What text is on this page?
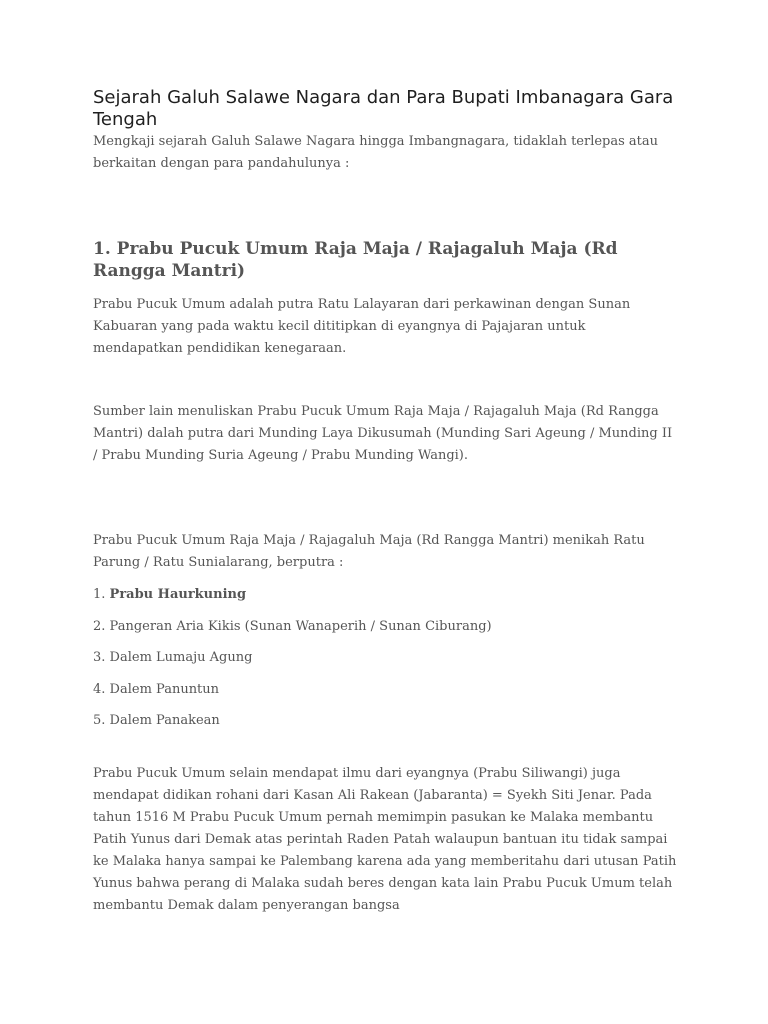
Sejarah Galuh Salawe Nagara dan Para Bupati Imbanagara Gara Tengah

Mengkaji sejarah Galuh Salawe Nagara hingga Imbangnagara, tidaklah terlepas atau berkaitan dengan para pandahulunya :

1. Prabu Pucuk Umum Raja Maja / Rajagaluh Maja (Rd Rangga Mantri)

Prabu Pucuk Umum adalah putra Ratu Lalayaran dari perkawinan dengan Sunan Kabuaran yang pada waktu kecil dititipkan di eyangnya di Pajajaran untuk mendapatkan pendidikan kenegaraan.

Sumber lain menuliskan Prabu Pucuk Umum Raja Maja / Rajagaluh Maja (Rd Rangga Mantri) dalah putra dari Munding Laya Dikusumah (Munding Sari Ageung / Munding II / Prabu Munding Suria Ageung / Prabu Munding Wangi).

Prabu Pucuk Umum Raja Maja / Rajagaluh Maja (Rd Rangga Mantri) menikah Ratu Parung / Ratu Sunialarang, berputra :

1. Prabu Haurkuning
2. Pangeran Aria Kikis (Sunan Wanaperih / Sunan Ciburang)
3. Dalem Lumaju Agung
4. Dalem Panuntun
5. Dalem Panakean

Prabu Pucuk Umum selain mendapat ilmu dari eyangnya (Prabu Siliwangi) juga mendapat didikan rohani dari Kasan Ali Rakean (Jabaranta) = Syekh Siti Jenar. Pada tahun 1516 M Prabu Pucuk Umum pernah memimpin pasukan ke Malaka membantu Patih Yunus dari Demak atas perintah Raden Patah walaupun bantuan itu tidak sampai ke Malaka hanya sampai ke Palembang karena ada yang memberitahu dari utusan Patih Yunus bahwa perang di Malaka sudah beres dengan kata lain Prabu Pucuk Umum telah membantu Demak dalam penyerangan bangsa
